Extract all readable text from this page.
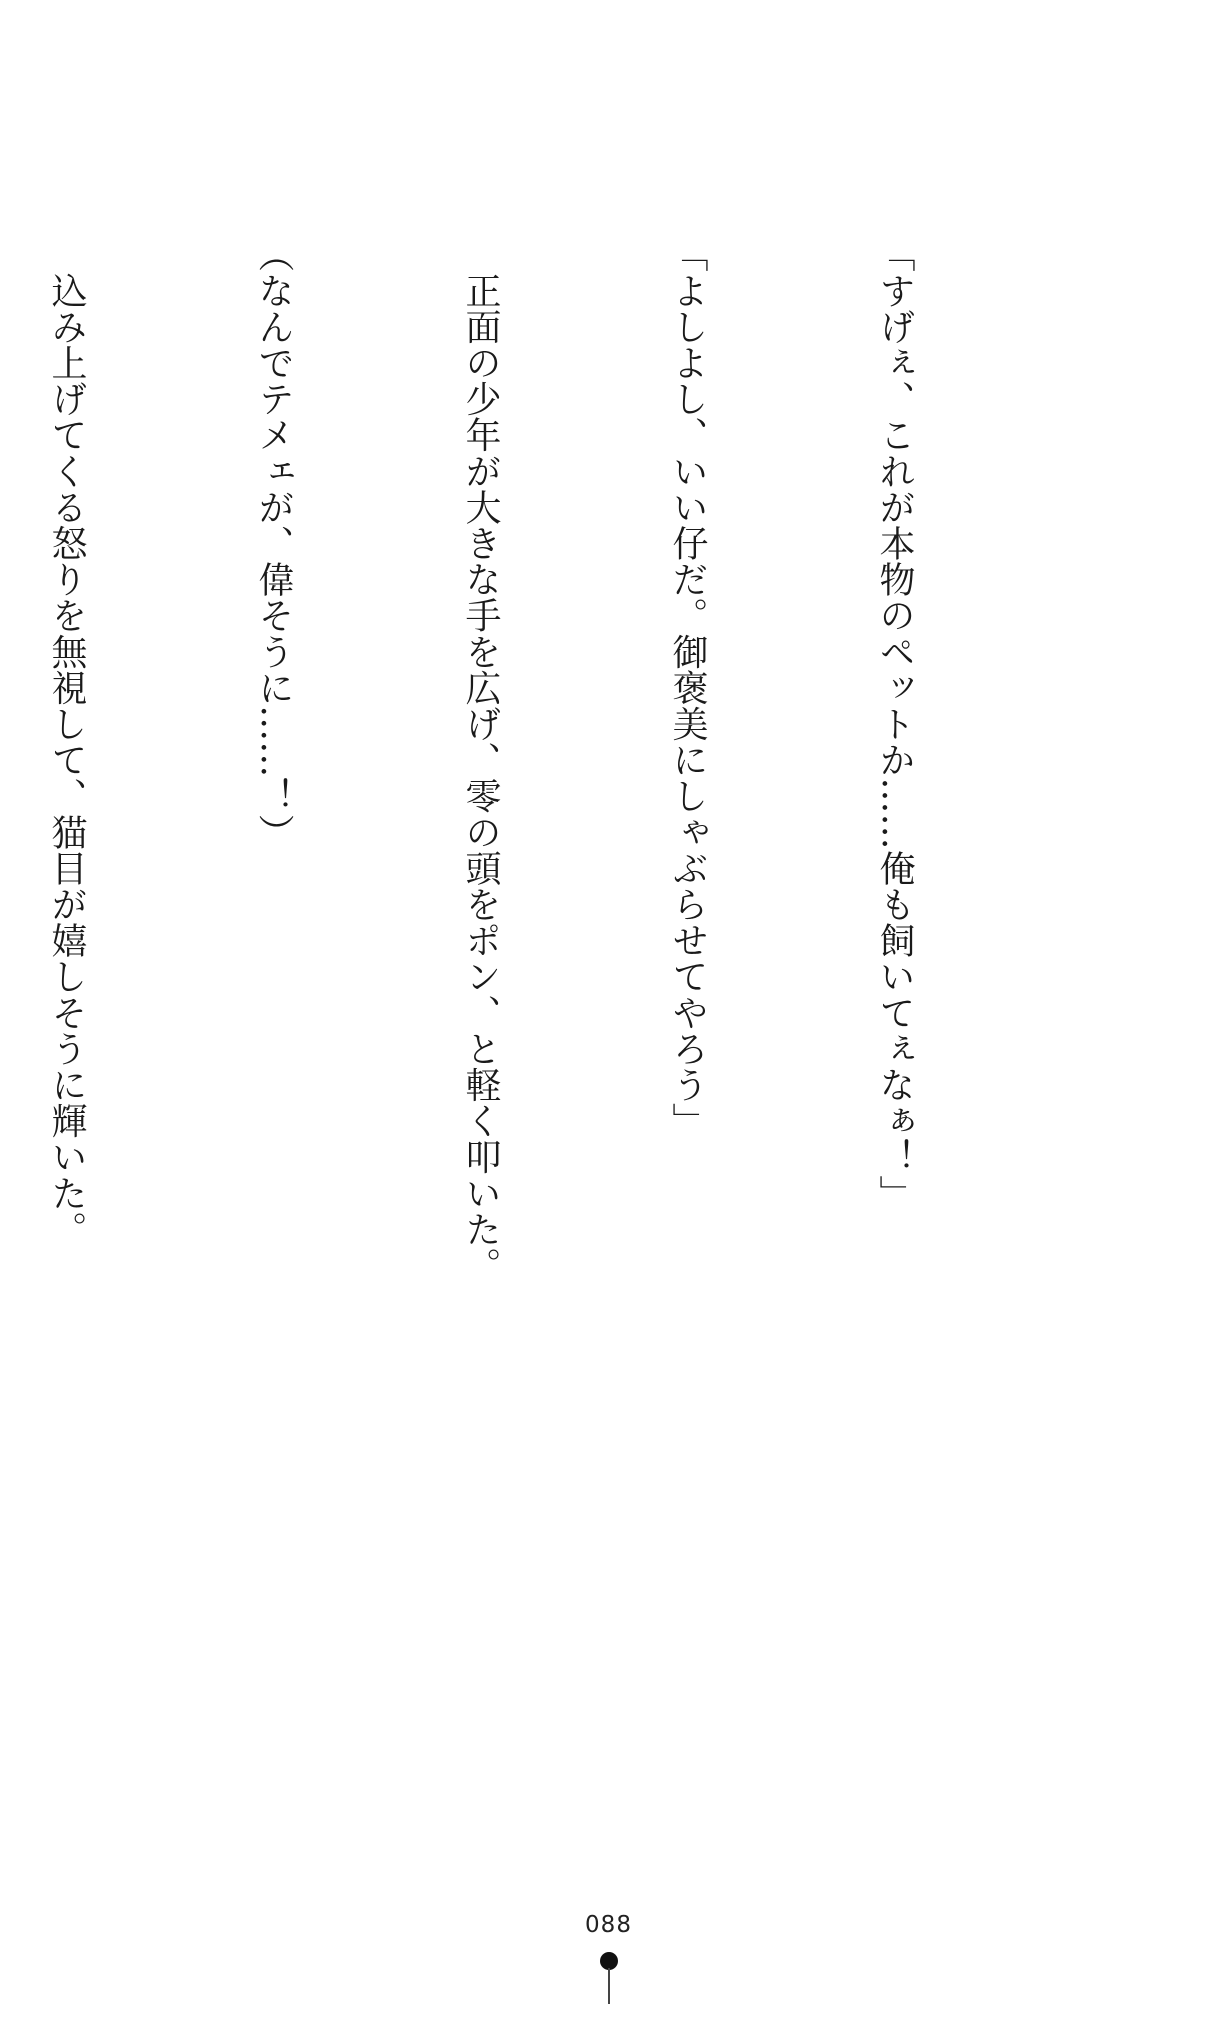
「すげぇ、これが本物のペットか……俺も飼いてぇなぁ！」

「よしよし、いい仔だ。御褒美にしゃぶらせてやろう」

　正面の少年が大きな手を広げ、零の頭をポン、と軽く叩いた。

（なんでテメェが、偉そうに……！）

　込み上げてくる怒りを無視して、猫目が嬉しそうに輝いた。

088
